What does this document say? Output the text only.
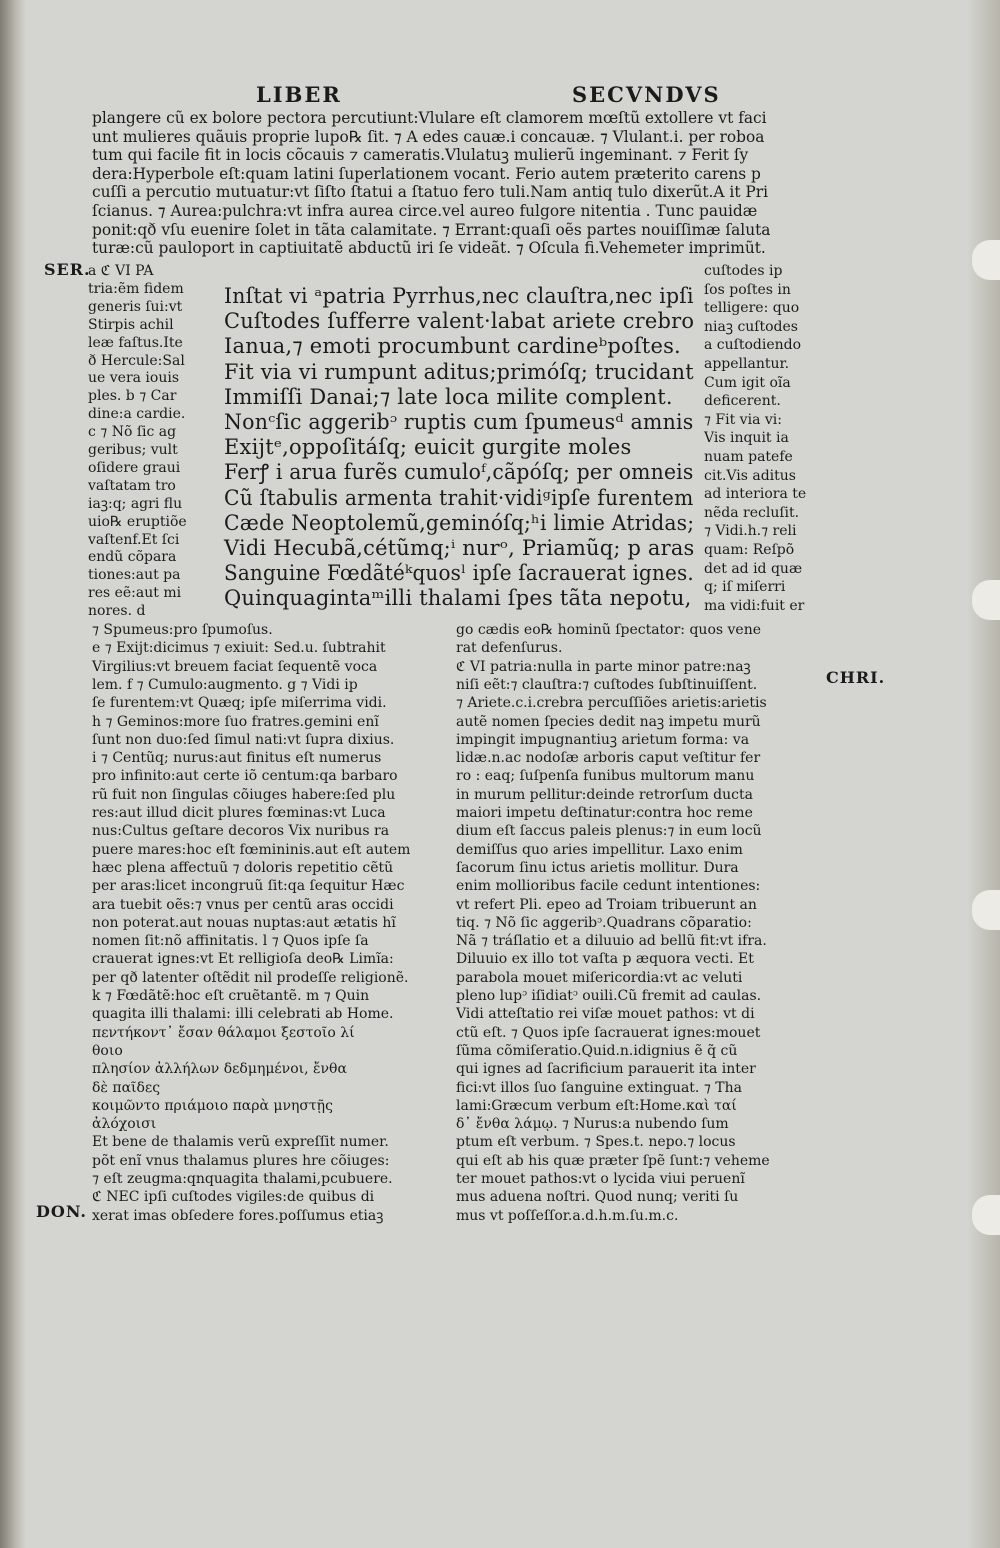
LIBER	SECVNDVS
SER.
CHRI.
DON.
plangere cũ ex bolore pectora percutiunt:Vlulare eſt clamorem mœſtũ extollere vt faci
unt mulieres quãuis proprie lupo℞ ſit. ⁊ A edes cauæ.i concauæ. ⁊ Vlulant.i. per roboa
tum qui facile fit in locis cõcauis ⁊ cameratis.Vlulatuꝫ mulierũ ingeminant. ⁊ Ferit ſy
dera:Hyperbole eſt:quam latini ſuperlationem vocant. Ferio autem præterito carens p
cuſſi a percutio mutuatur:vt ſiſto ſtatui a ſtatuo fero tuli.Nam antiq tulo dixerũt.A it Pri
ſcianus. ⁊ Aurea:pulchra:vt infra aurea circe.vel aureo fulgore nitentia . Tunc pauidæ
ponit:qð vſu euenire ſolet in tãta calamitate. ⁊ Errant:quaſi oẽs partes nouiſſimæ ſaluta
turæ:cũ pauloport in captiuitatẽ abductũ iri ſe videãt. ⁊ Oſcula fi.Vehemeter imprimũt.
a ℭ VI PA
tria:ẽm fidem
generis ſui:vt
Stirpis achil
leæ faſtus.Ite
ð Hercule:Sal
ue vera iouis
ples. b ⁊ Car
dine:a cardie.
c ⁊ Nõ ſic ag
geribus; vult
oſidere graui
vaſtatam tro
iaꝫ:q; agri flu
uio℞ eruptiõe
vaſtenf.Et ſci
endũ cõpara
tiones:aut pa
res eẽ:aut mi
nores. d
Inſtat vi ᵃpatria Pyrrhus,nec clauſtra,nec ipſi
Cuſtodes ſufferre valent·labat ariete crebro
Ianua,⁊ emoti procumbunt cardineᵇpoſtes.
Fit via vi rumpunt aditus;primóſq; trucidant
Immiſſi Danai;⁊ late loca milite complent.
Nonᶜſic aggeribᵓ ruptis cum ſpumeusᵈ amnis
Exijtᵉ,oppoſitáſq; euicit gurgite moles
Ferꝭ i arua furẽs cumuloᶠ,cãpóſq; per omneis
Cũ ſtabulis armenta trahit·vidiᵍipſe furentem
Cæde Neoptolemũ,geminóſq;ʰi limie Atridas;
Vidi Hecubã,cétũmq;ⁱ nurᵒ, Priamũq; p aras
Sanguine Fœdãtéᵏquosˡ ipſe ſacrauerat ignes.
Quinquagintaᵐilli thalami ſpes tãta nepotu,
cuſtodes ip
ſos poſtes in
telligere: quo
niaꝫ cuſtodes
a cuſtodiendo
appellantur.
Cum igit oĩa
deficerent.
⁊ Fit via vi:
Vis inquit ia
nuam patefe
cit.Vis aditus
ad interiora te
nẽda recluſit.
⁊ Vidi.h.⁊ reli
quam: Reſpõ
det ad id quæ
q; iſ miſerri
ma vidi:fuit er
⁊ Spumeus:pro ſpumoſus.
e ⁊ Exijt:dicimus ⁊ exiuit: Sed.u. ſubtrahit
Virgilius:vt breuem faciat ſequentẽ voca
lem. f ⁊ Cumulo:augmento. g ⁊ Vidi ip
ſe furentem:vt Quæq; ipſe miſerrima vidi.
h ⁊ Geminos:more ſuo fratres.gemini enĩ
ſunt non duo:ſed ſimul nati:vt ſupra dixius.
i ⁊ Centũq; nurus:aut finitus eſt numerus
pro infinito:aut certe iõ centum:qa barbaro
rũ fuit non ſingulas cõiuges habere:ſed plu
res:aut illud dicit plures fœminas:vt Luca
nus:Cultus geſtare decoros Vix nuribus ra
puere mares:hoc eſt fœmininis.aut eſt autem
hæc plena affectuũ ⁊ doloris repetitio cẽtũ
per aras:licet incongruũ ſit:qa ſequitur Hæc
ara tuebit oẽs:⁊ vnus per centũ aras occidi
non poterat.aut nouas nuptas:aut ætatis hĩ
nomen ſit:nõ affinitatis. l ⁊ Quos ipſe ſa
crauerat ignes:vt Et relligioſa deo℞ Limĩa:
per qð latenter oſtẽdit nil prodeſſe religionẽ.
k ⁊ Fœdãtẽ:hoc eſt cruẽtantẽ. m ⁊ Quin
quagita illi thalami: illi celebrati ab Home.
πεντήκοντ᾽ ἔσαν θάλαμοι ξεστοῖο λί
θοιο
πλησίον ἀλλήλων δεδμημένοι, ἔνθα
δὲ παῖδες
κοιμῶντο πριάμοιο παρὰ μνηστῇς
ἀλόχοισι
Et bene de thalamis verũ expreſſit numer.
põt enĩ vnus thalamus plures hre cõiuges:
⁊ eſt zeugma:qnquagita thalami,pcubuere.
ℭ NEC ipſi cuſtodes vigiles:de quibus di
xerat imas obſedere fores.poſſumus etiaꝫ
go cædis eo℞ hominũ ſpectator: quos vene
rat defenſurus.
ℭ VI patria:nulla in parte minor patre:naꝫ
niſi eẽt:⁊ clauſtra:⁊ cuſtodes ſubſtinuiſſent.
⁊ Ariete.c.i.crebra percuſſiões arietis:arietis
autẽ nomen ſpecies dedit naꝫ impetu murũ
impingit impugnantiuꝫ arietum forma: va
lidæ.n.ac nodoſæ arboris caput veſtitur fer
ro : eaq; ſuſpenſa funibus multorum manu
in murum pellitur:deinde retrorſum ducta
maiori impetu deſtinatur:contra hoc reme
dium eſt ſaccus paleis plenus:⁊ in eum locũ
demiſſus quo aries impellitur. Laxo enim
ſacorum ſinu ictus arietis mollitur. Dura
enim mollioribus facile cedunt intentiones:
vt refert Pli. epeo ad Troiam tribuerunt an
tiq. ⁊ Nõ ſic aggeribᵓ.Quadrans cõparatio:
Nã ⁊ tráſlatio et a diluuio ad bellũ fit:vt ifra.
Diluuio ex illo tot vaſta p æquora vecti. Et
parabola mouet miſericordia:vt ac veluti
pleno lupᵓ iſidiatᵓ ouili.Cũ fremit ad caulas.
Vidi atteſtatio rei viſæ mouet pathos: vt di
ctũ eſt. ⁊ Quos ipſe ſacrauerat ignes:mouet
ſũma cõmiſeratio.Quid.n.idignius ẽ q̃ cũ
qui ignes ad ſacrificium parauerit ita inter
fici:vt illos ſuo ſanguine extinguat. ⁊ Tha
lami:Græcum verbum eſt:Home.καὶ ταί
δ᾽ ἔνθα λάμῳ. ⁊ Nurus:a nubendo ſum
ptum eſt verbum. ⁊ Spes.t. nepo.⁊ locus
qui eſt ab his quæ præter ſpẽ ſunt:⁊ veheme
ter mouet pathos:vt o lycida viui peruenĩ
mus aduena noſtri. Quod nunq; veriti ſu
mus vt poſſeſſor.a.d.h.m.ſu.m.c.
